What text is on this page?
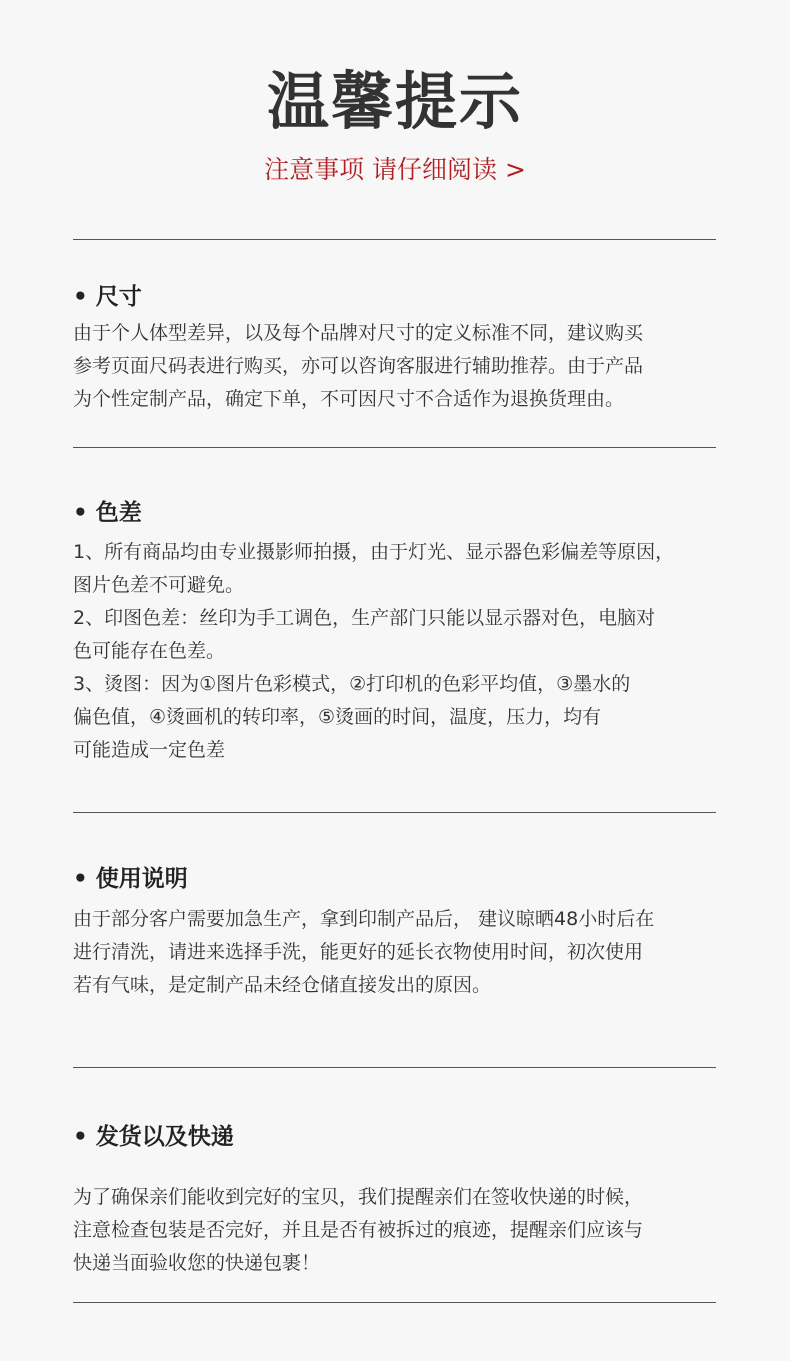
温馨提示
注意事项 请仔细阅读 >
• 尺寸
由于个人体型差异，以及每个品牌对尺寸的定义标准不同，建议购买
参考页面尺码表进行购买，亦可以咨询客服进行辅助推荐。由于产品
为个性定制产品，确定下单，不可因尺寸不合适作为退换货理由。
• 色差
1、所有商品均由专业摄影师拍摄，由于灯光、显示器色彩偏差等原因，
图片色差不可避免。
2、印图色差：丝印为手工调色，生产部门只能以显示器对色，电脑对
色可能存在色差。
3、烫图：因为①图片色彩模式，②打印机的色彩平均值，③墨水的
偏色值，④烫画机的转印率，⑤烫画的时间，温度，压力，均有
可能造成一定色差
• 使用说明
由于部分客户需要加急生产，拿到印制产品后， 建议晾晒48小时后在
进行清洗，请进来选择手洗，能更好的延长衣物使用时间，初次使用
若有气味，是定制产品未经仓储直接发出的原因。
• 发货以及快递
为了确保亲们能收到完好的宝贝，我们提醒亲们在签收快递的时候，
注意检查包装是否完好，并且是否有被拆过的痕迹，提醒亲们应该与
快递当面验收您的快递包裹！
